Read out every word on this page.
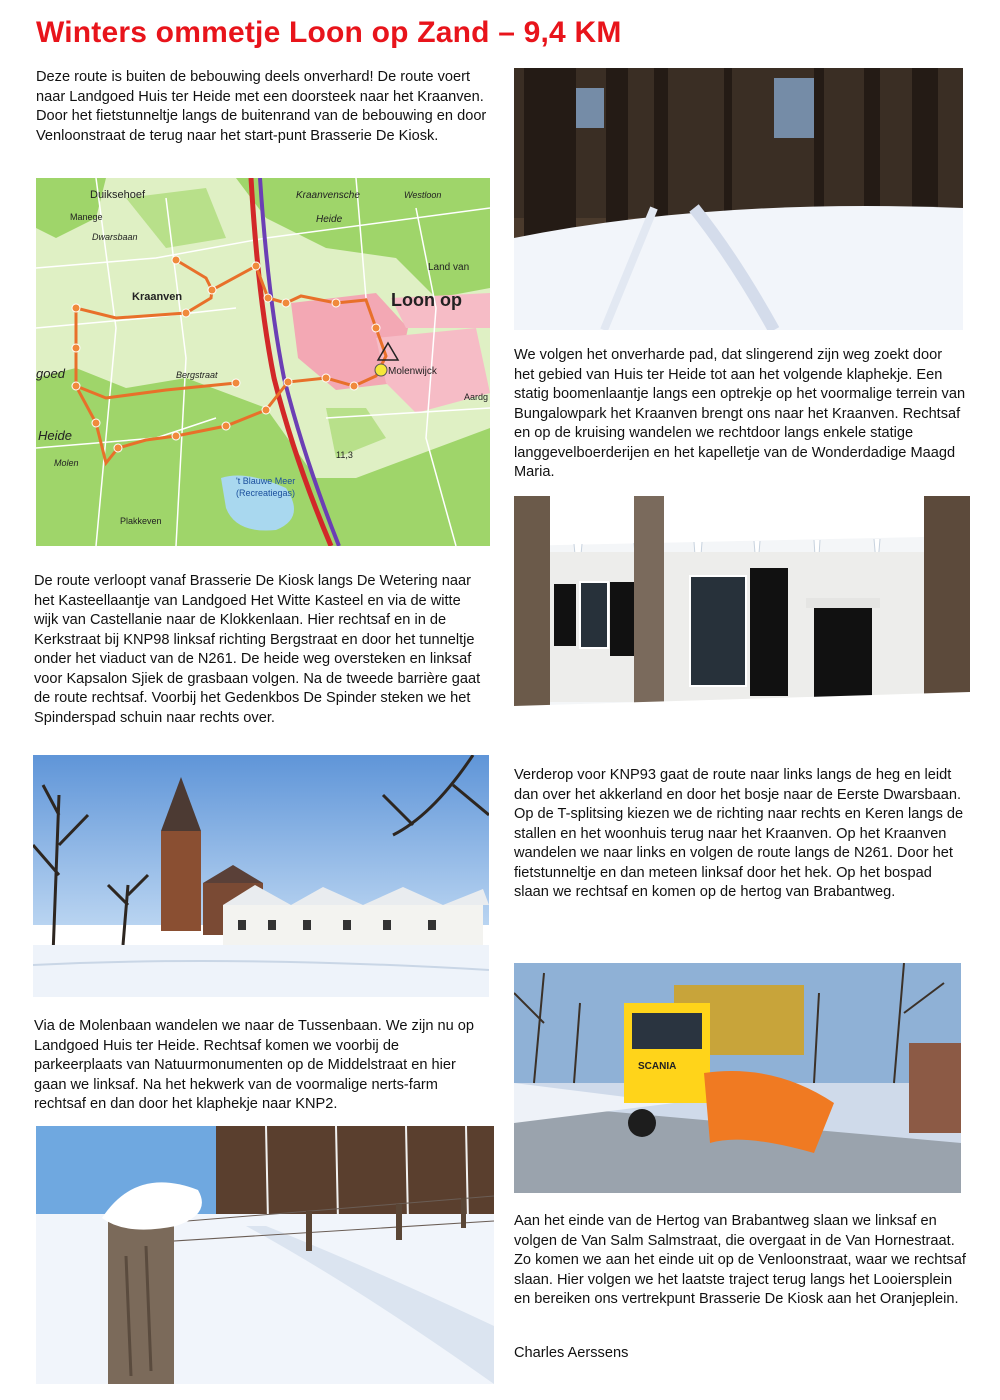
Winters ommetje Loon op Zand – 9,4 KM

Deze route is buiten de bebouwing deels onverhard! De route voert naar Landgoed Huis ter Heide met een doorsteek naar het Kraanven. Door het fietstunneltje langs de buitenrand van de bebouwing en door Venloonstraat de terug naar het start-punt Brasserie De Kiosk.

Duiksehoef
Manege
Dwarsbaan
Kraanvensche
Heide
Westloon
Land van
Loon op
Kraanven
Molenwijck
Bergstraat
goed
Heide
Molen
Aardg
Plakkeven
't Blauwe Meer
(Recreatiegas)
11,3

De route verloopt vanaf Brasserie De Kiosk langs De Wetering naar het Kasteellaantje van Landgoed Het Witte Kasteel en via de witte wijk van Castellanie naar de Klokkenlaan. Hier rechtsaf en in de Kerkstraat bij KNP98 linksaf richting Bergstraat en door het tunneltje onder het viaduct van de N261. De heide weg oversteken en linksaf voor Kapsalon Sjiek de grasbaan volgen. Na de tweede barrière gaat de route rechtsaf. Voorbij het Gedenkbos De Spinder steken we het Spinderspad schuin naar rechts over.

Via de Molenbaan wandelen we naar de Tussenbaan. We zijn nu op Landgoed Huis ter Heide. Rechtsaf komen we voorbij de parkeerplaats van Natuurmonumenten op de Middelstraat en hier gaan we linksaf. Na het hekwerk van de voormalige nerts-farm rechtsaf en dan door het klaphekje naar KNP2.

We volgen het onverharde pad, dat slingerend zijn weg zoekt door het gebied van Huis ter Heide tot aan het volgende klaphekje. Een statig boomenlaantje langs een optrekje op het voormalige terrein van Bungalowpark het Kraanven brengt ons naar het Kraanven. Rechtsaf en op de kruising wandelen we rechtdoor langs enkele statige langgevelboerderijen en het kapelletje van de Wonderdadige Maagd Maria.

Verderop voor KNP93 gaat de route naar links langs de heg en leidt dan over het akkerland en door het bosje naar de Eerste Dwarsbaan. Op de T-splitsing kiezen we de richting naar rechts en Keren langs de stallen en het woonhuis terug naar het Kraanven. Op het Kraanven wandelen we naar links en volgen de route langs de N261. Door het fietstunneltje en dan meteen linksaf door het hek. Op het bospad slaan we rechtsaf en komen op de hertog van Brabantweg.

SCANIA

Aan het einde van de Hertog van Brabantweg slaan we linksaf en volgen de Van Salm Salmstraat, die overgaat in de Van Hornestraat. Zo komen we aan het einde uit op de Venloonstraat, waar we rechtsaf slaan. Hier volgen we het laatste traject terug langs het Looiersplein en bereiken ons vertrekpunt Brasserie De Kiosk aan het Oranjeplein.

Charles Aerssens
